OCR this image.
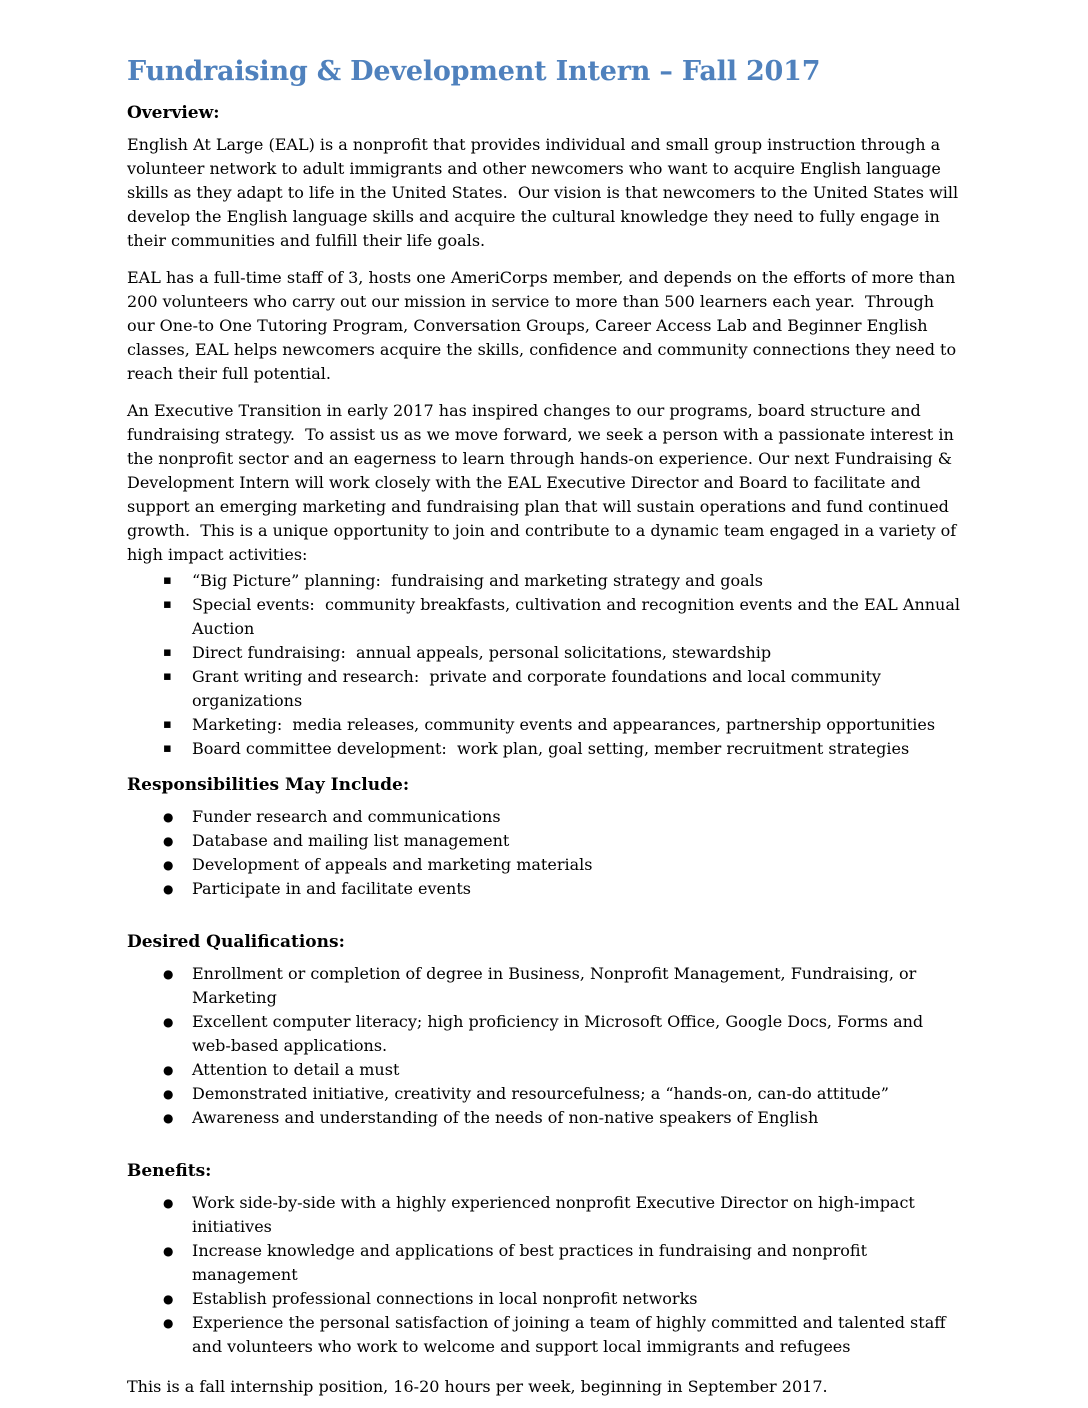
Fundraising & Development Intern – Fall 2017
Overview:

English At Large (EAL) is a nonprofit that provides individual and small group instruction through a volunteer network to adult immigrants and other newcomers who want to acquire English language skills as they adapt to life in the United States.  Our vision is that newcomers to the United States will develop the English language skills and acquire the cultural knowledge they need to fully engage in their communities and fulfill their life goals.

EAL has a full-time staff of 3, hosts one AmeriCorps member, and depends on the efforts of more than 200 volunteers who carry out our mission in service to more than 500 learners each year.  Through our One-to One Tutoring Program, Conversation Groups, Career Access Lab and Beginner English classes, EAL helps newcomers acquire the skills, confidence and community connections they need to reach their full potential.

An Executive Transition in early 2017 has inspired changes to our programs, board structure and fundraising strategy.  To assist us as we move forward, we seek a person with a passionate interest in the nonprofit sector and an eagerness to learn through hands-on experience. Our next Fundraising & Development Intern will work closely with the EAL Executive Director and Board to facilitate and support an emerging marketing and fundraising plan that will sustain operations and fund continued growth.  This is a unique opportunity to join and contribute to a dynamic team engaged in a variety of high impact activities:

▪	“Big Picture” planning:  fundraising and marketing strategy and goals
▪	Special events:  community breakfasts, cultivation and recognition events and the EAL Annual Auction
▪	Direct fundraising:  annual appeals, personal solicitations, stewardship
▪	Grant writing and research:  private and corporate foundations and local community organizations
▪	Marketing:  media releases, community events and appearances, partnership opportunities
▪	Board committee development:  work plan, goal setting, member recruitment strategies
Responsibilities May Include:
●	Funder research and communications
●	Database and mailing list management
●	Development of appeals and marketing materials
●	Participate in and facilitate events
Desired Qualifications:
●	Enrollment or completion of degree in Business, Nonprofit Management, Fundraising, or Marketing
●	Excellent computer literacy; high proficiency in Microsoft Office, Google Docs, Forms and web-based applications.
●	Attention to detail a must
●	Demonstrated initiative, creativity and resourcefulness; a “hands-on, can-do attitude”
●	Awareness and understanding of the needs of non-native speakers of English
Benefits:
●	Work side-by-side with a highly experienced nonprofit Executive Director on high-impact initiatives
●	Increase knowledge and applications of best practices in fundraising and nonprofit management
●	Establish professional connections in local nonprofit networks
●	Experience the personal satisfaction of joining a team of highly committed and talented staff and volunteers who work to welcome and support local immigrants and refugees

This is a fall internship position, 16-20 hours per week, beginning in September 2017.
